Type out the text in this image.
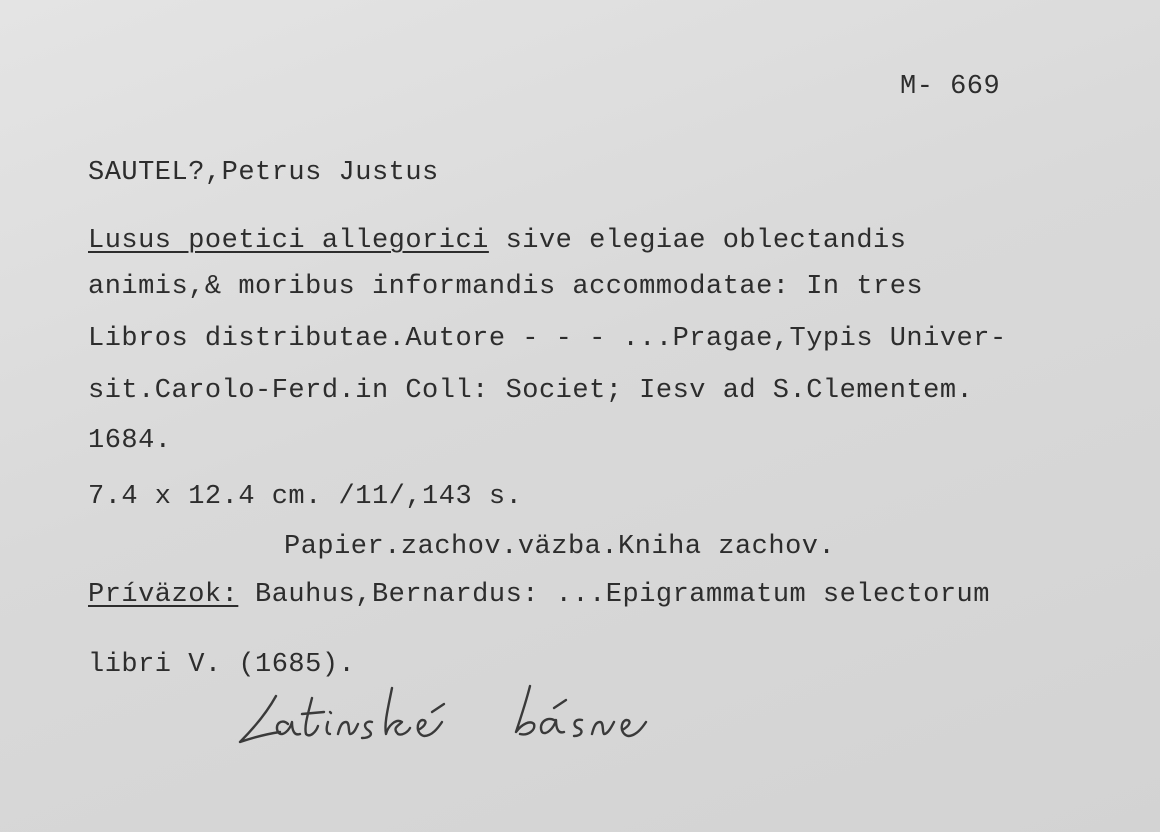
M- 669
SAUTEL?,Petrus Justus
Lusus poetici allegorici sive elegiae oblectandis
animis,& moribus informandis accommodatae: In tres
Libros distributae.Autore - - - ...Pragae,Typis Univer-
sit.Carolo-Ferd.in Coll: Societ; Iesv ad S.Clementem.
1684.
7.4 x 12.4 cm. /11/,143 s.
Papier.zachov.väzba.Kniha zachov.
Prívӓzok: Bauhus,Bernardus: ...Epigrammatum selectorum
libri V. (1685).
